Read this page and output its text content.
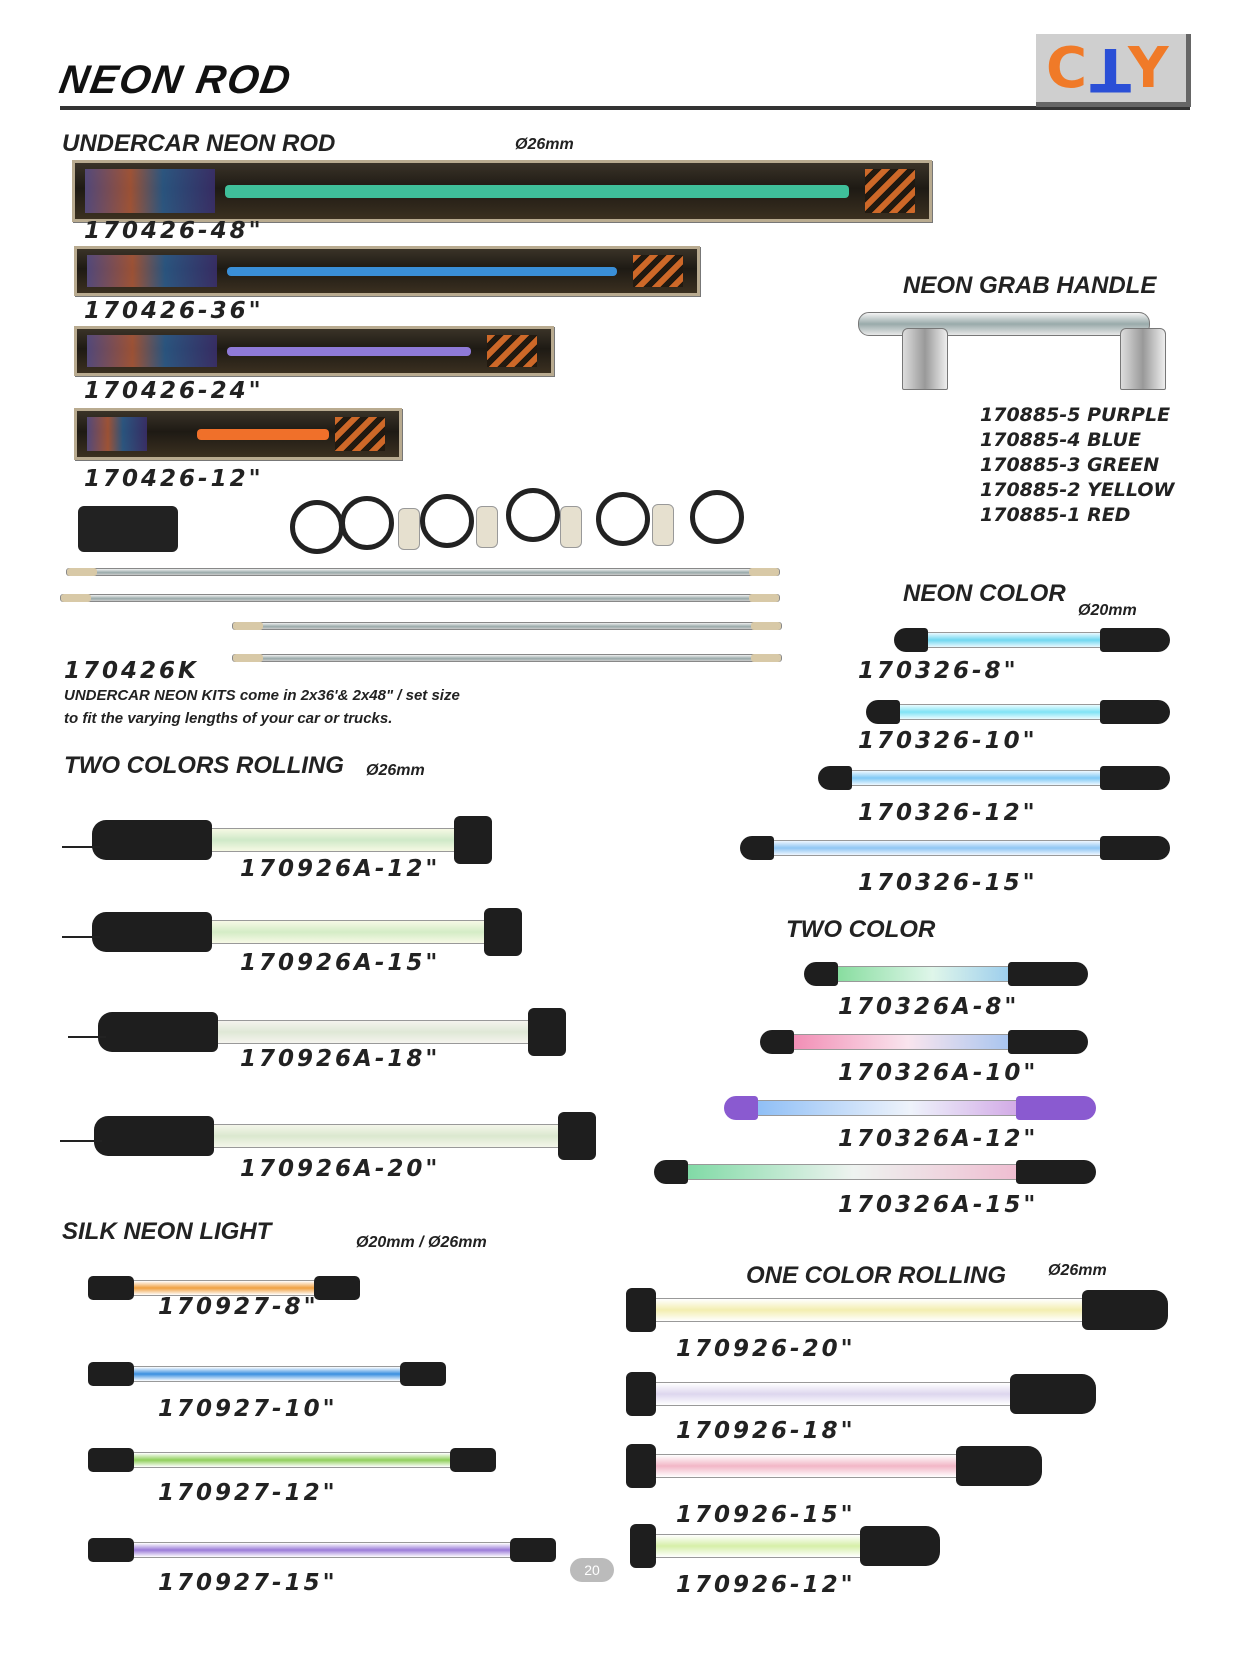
NEON ROD	C T
Y
UNDERCAR NEON ROD	Ø26mm
170426-48"
170426-36"
170426-24"
170426-12"
170426K
UNDERCAR NEON KITS come in 2x36'& 2x48" / set size
to fit the varying lengths of your car or trucks.
NEON GRAB HANDLE
170885-5 PURPLE
170885-4 BLUE
170885-3 GREEN
170885-2 YELLOW
170885-1 RED
NEON COLOR
Ø20mm
170326-8"
170326-10"
170326-12"
170326-15"
TWO COLORS ROLLING Ø26mm
170926A-12"
170926A-15"
170926A-18"
170926A-20"
TWO COLOR
170326A-8"
170326A-10"
170326A-12"
170326A-15"
SILK NEON LIGHT	Ø20mm / Ø26mm
170927-8"
170927-10"
170927-12"
170927-15"
ONE COLOR ROLLING	Ø26mm
170926-20"
170926-18"
170926-15"
170926-12"
20
